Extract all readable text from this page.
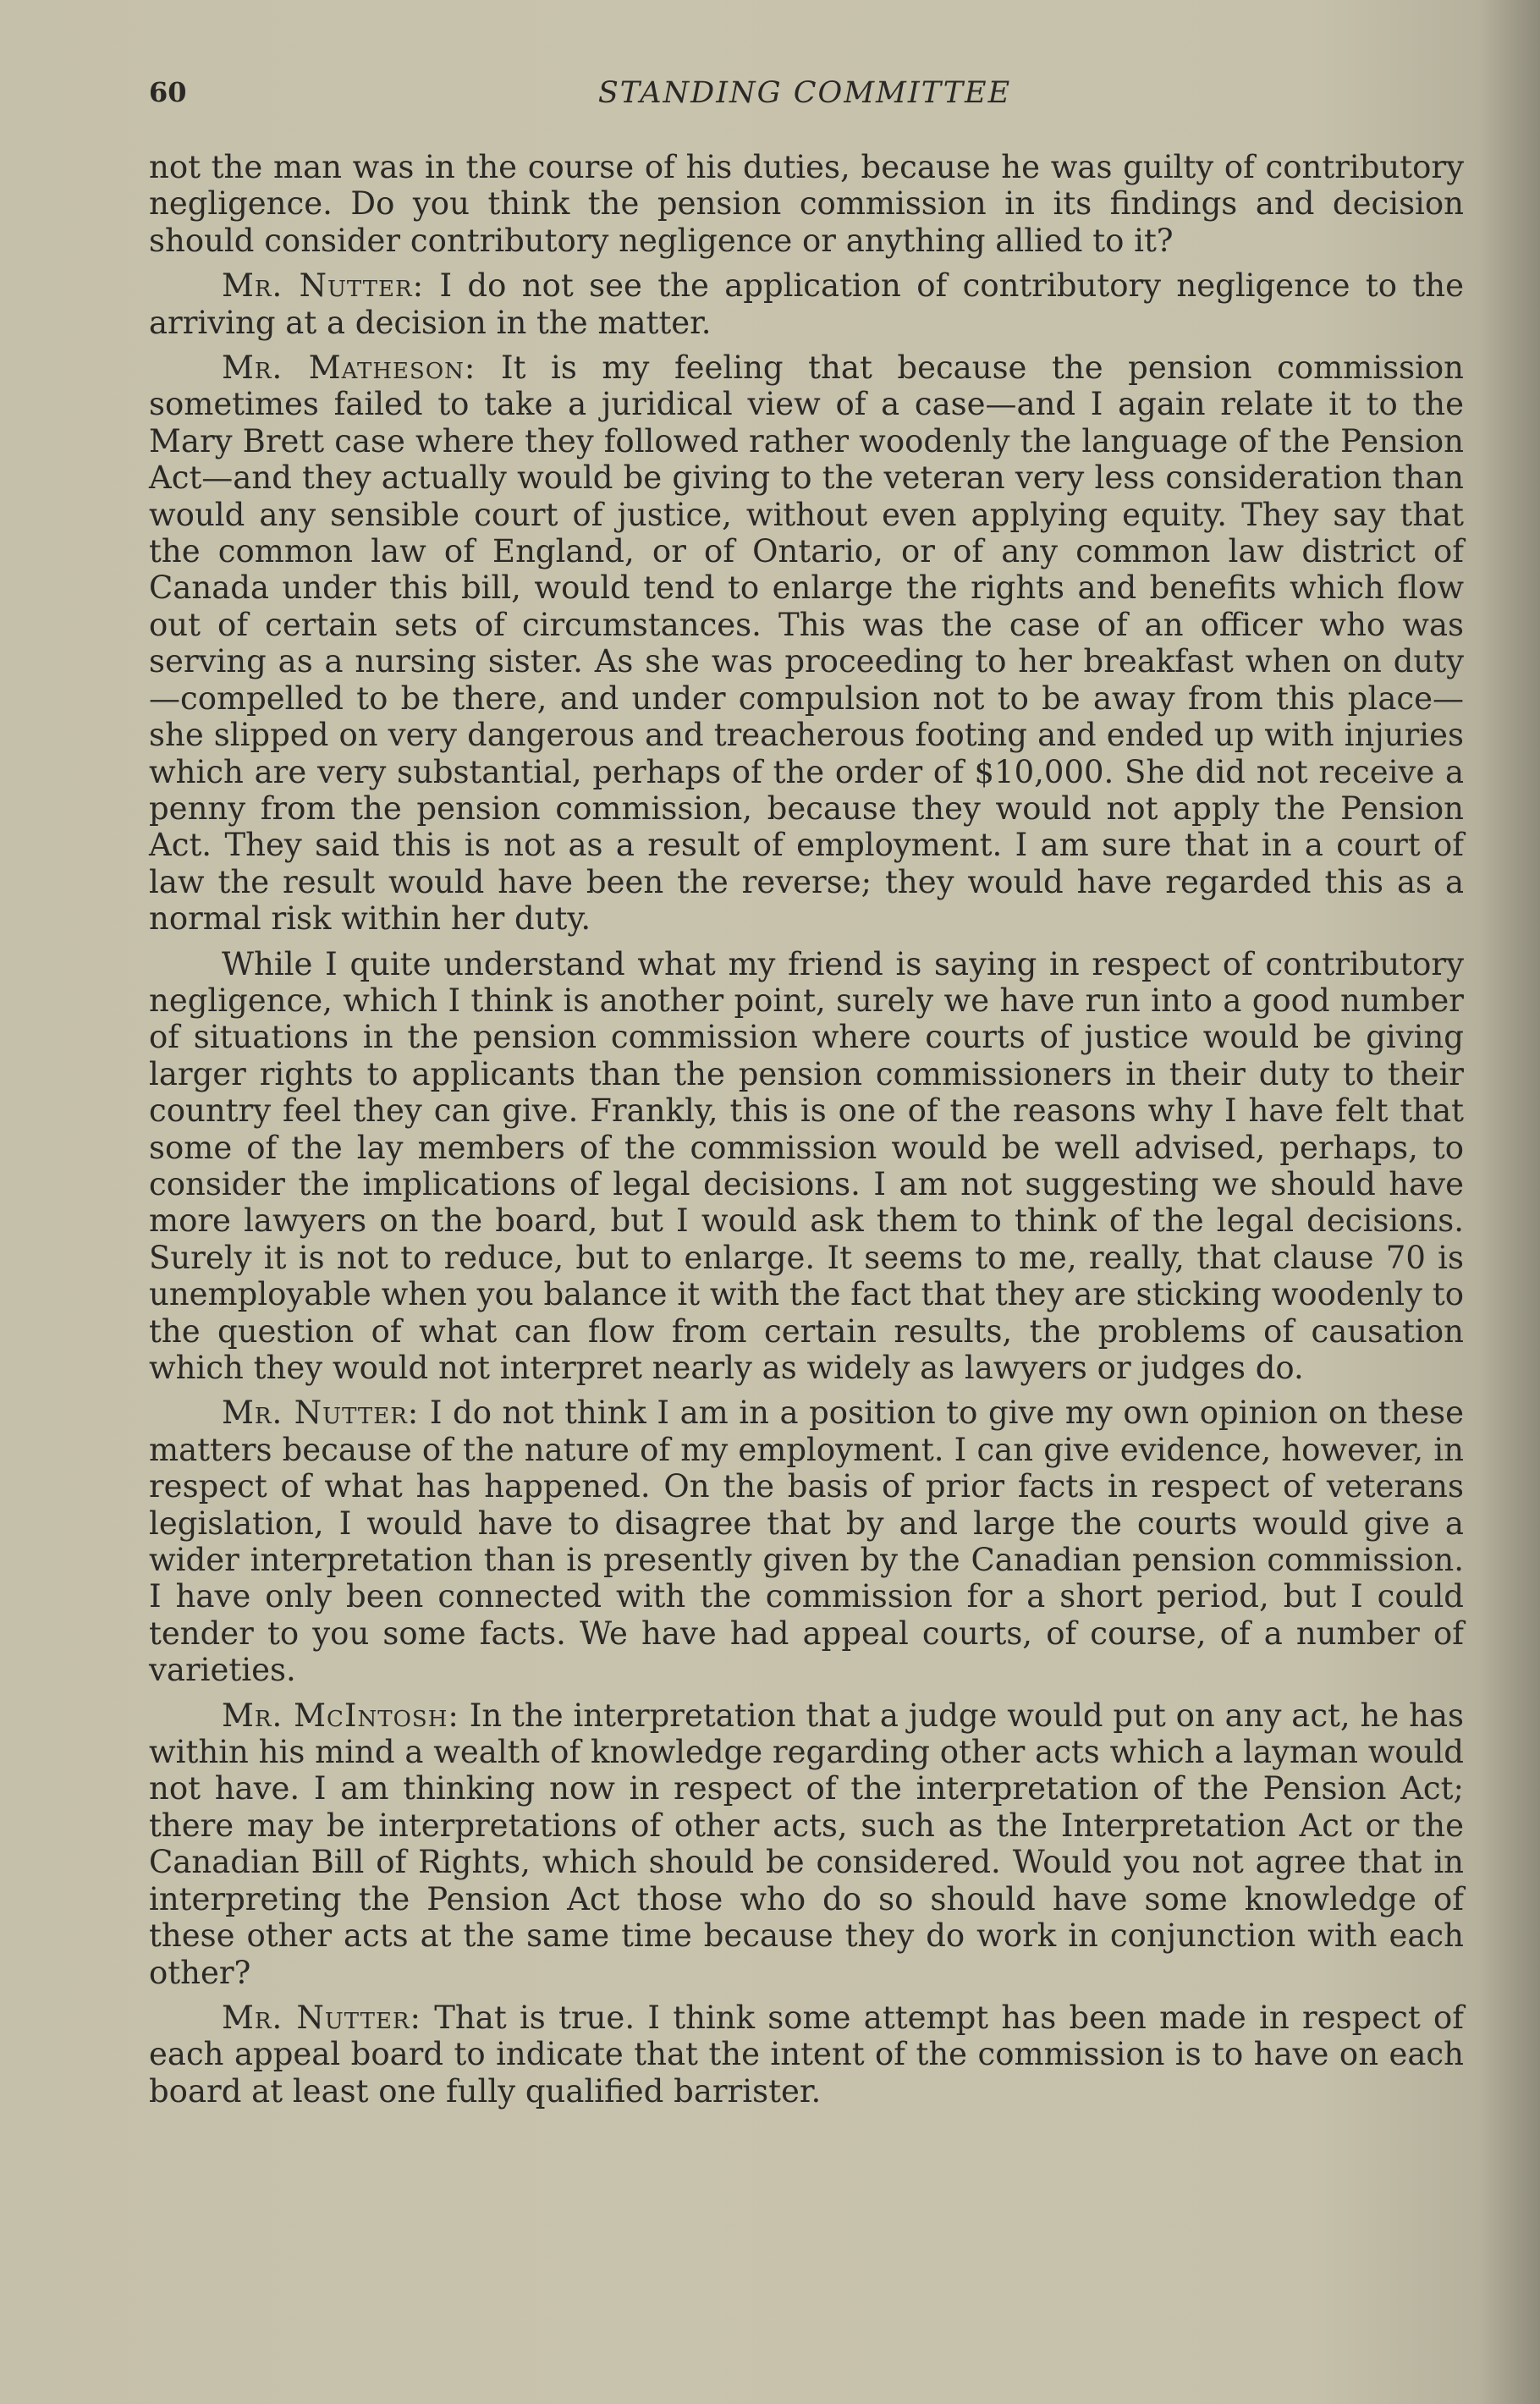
60	STANDING COMMITTEE

not the man was in the course of his duties, because he was guilty of contributory negligence. Do you think the pension commission in its findings and decision should consider contributory negligence or anything allied to it?

Mr. Nutter: I do not see the application of contributory negligence to the arriving at a decision in the matter.

Mr. Matheson: It is my feeling that because the pension commission sometimes failed to take a juridical view of a case—and I again relate it to the Mary Brett case where they followed rather woodenly the language of the Pension Act—and they actually would be giving to the veteran very less consideration than would any sensible court of justice, without even applying equity. They say that the common law of England, or of Ontario, or of any common law district of Canada under this bill, would tend to enlarge the rights and benefits which flow out of certain sets of circumstances. This was the case of an officer who was serving as a nursing sister. As she was proceeding to her breakfast when on duty—compelled to be there, and under compulsion not to be away from this place—she slipped on very dangerous and treacherous footing and ended up with injuries which are very substantial, perhaps of the order of $10,000. She did not receive a penny from the pension commission, because they would not apply the Pension Act. They said this is not as a result of employment. I am sure that in a court of law the result would have been the reverse; they would have regarded this as a normal risk within her duty.

While I quite understand what my friend is saying in respect of contributory negligence, which I think is another point, surely we have run into a good number of situations in the pension commission where courts of justice would be giving larger rights to applicants than the pension commissioners in their duty to their country feel they can give. Frankly, this is one of the reasons why I have felt that some of the lay members of the commission would be well advised, perhaps, to consider the implications of legal decisions. I am not suggesting we should have more lawyers on the board, but I would ask them to think of the legal decisions. Surely it is not to reduce, but to enlarge. It seems to me, really, that clause 70 is unemployable when you balance it with the fact that they are sticking woodenly to the question of what can flow from certain results, the problems of causation which they would not interpret nearly as widely as lawyers or judges do.

Mr. Nutter: I do not think I am in a position to give my own opinion on these matters because of the nature of my employment. I can give evidence, however, in respect of what has happened. On the basis of prior facts in respect of veterans legislation, I would have to disagree that by and large the courts would give a wider interpretation than is presently given by the Canadian pension commission. I have only been connected with the commission for a short period, but I could tender to you some facts. We have had appeal courts, of course, of a number of varieties.

Mr. McIntosh: In the interpretation that a judge would put on any act, he has within his mind a wealth of knowledge regarding other acts which a layman would not have. I am thinking now in respect of the interpretation of the Pension Act; there may be interpretations of other acts, such as the Interpretation Act or the Canadian Bill of Rights, which should be considered. Would you not agree that in interpreting the Pension Act those who do so should have some knowledge of these other acts at the same time because they do work in conjunction with each other?

Mr. Nutter: That is true. I think some attempt has been made in respect of each appeal board to indicate that the intent of the commission is to have on each board at least one fully qualified barrister.
